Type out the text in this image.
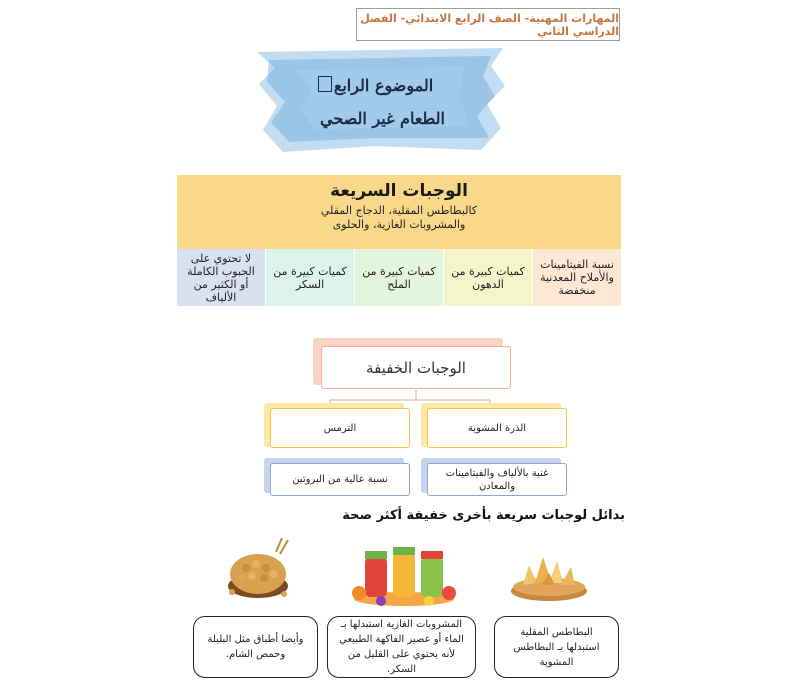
المهارات المهنية- الصف الرابع الابتدائي- الفصل الدراسي الثاني
الموضوع الرابع
الطعام غير الصحي
الوجبات السريعة
كالبطاطس المقلية، الدجاج المقلي
والمشروبات الغازية، والحلوى
نسبة الفيتامينات والأملاح المعدنية منخفضة
كميات كبيرة من الدهون
كميات كبيرة من الملح
كميات كبيرة من السكر
لا تحتوي على الحبوب الكاملة أو الكثير من الألياف
الوجبات الخفيفة
الترمس	الذرة المشوية
نسبة عالية من البروتين
غنية بالألياف والفيتامينات والمعادن
بدائل لوجبات سريعة بأخرى خفيفة أكثر صحة
البطاطس المقلية استبدلها بـ البطاطس المشوية
المشروبات الغازية استبدلها بـ الماء أو عصير الفاكهة الطبيعي لأنه يحتوي على القليل من السكر.
وأيضا أطباق مثل البليلة وحمص الشام.
